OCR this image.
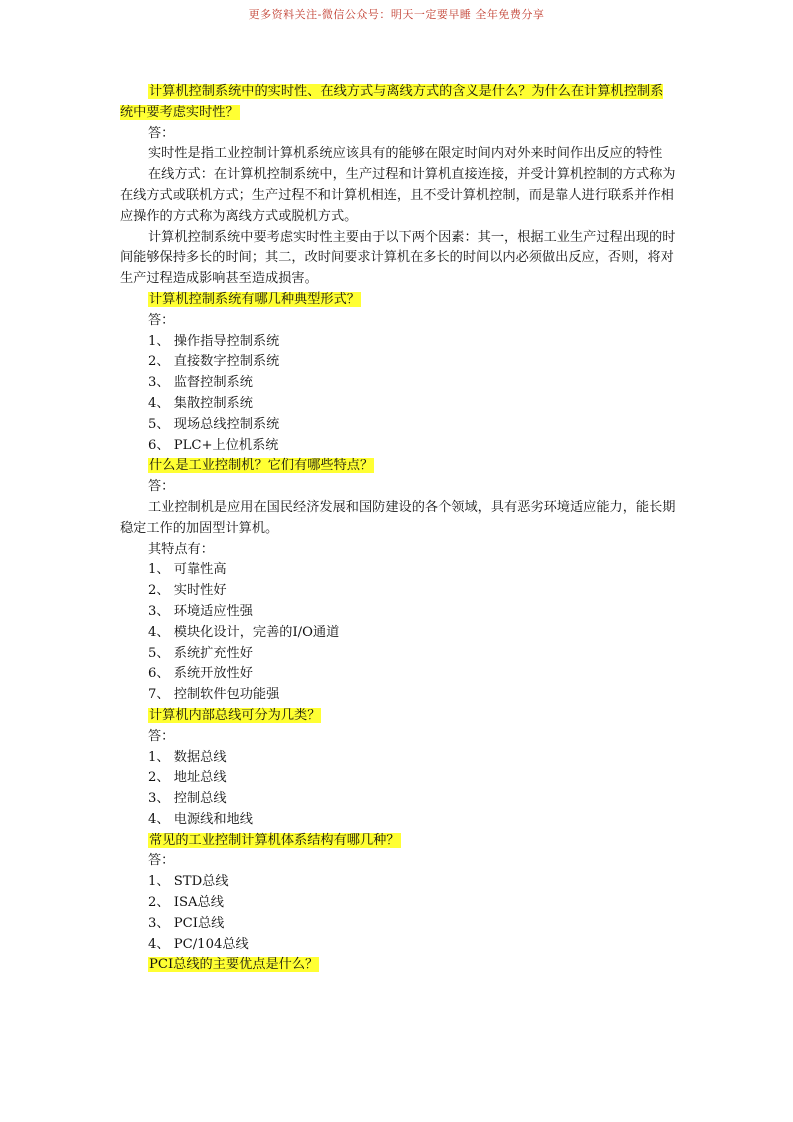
更多资料关注-微信公众号：明天一定要早睡 全年免费分享
计算机控制系统中的实时性、在线方式与离线方式的含义是什么？为什么在计算机控制系统中要考虑实时性？
答：
实时性是指工业控制计算机系统应该具有的能够在限定时间内对外来时间作出反应的特性
在线方式：在计算机控制系统中，生产过程和计算机直接连接，并受计算机控制的方式称为在线方式或联机方式；生产过程不和计算机相连，且不受计算机控制，而是靠人进行联系并作相应操作的方式称为离线方式或脱机方式。
计算机控制系统中要考虑实时性主要由于以下两个因素：其一，根据工业生产过程出现的时间能够保持多长的时间；其二，改时间要求计算机在多长的时间以内必须做出反应，否则，将对生产过程造成影响甚至造成损害。
计算机控制系统有哪几种典型形式？
答：
1、 操作指导控制系统
2、 直接数字控制系统
3、 监督控制系统
4、 集散控制系统
5、 现场总线控制系统
6、 PLC+上位机系统
什么是工业控制机？它们有哪些特点？
答：
工业控制机是应用在国民经济发展和国防建设的各个领域，具有恶劣环境适应能力，能长期稳定工作的加固型计算机。
其特点有：
1、 可靠性高
2、 实时性好
3、 环境适应性强
4、 模块化设计，完善的I/O通道
5、 系统扩充性好
6、 系统开放性好
7、 控制软件包功能强
计算机内部总线可分为几类？
答：
1、 数据总线
2、 地址总线
3、 控制总线
4、 电源线和地线
常见的工业控制计算机体系结构有哪几种？
答：
1、 STD总线
2、 ISA总线
3、 PCI总线
4、 PC/104总线
PCI总线的主要优点是什么？
